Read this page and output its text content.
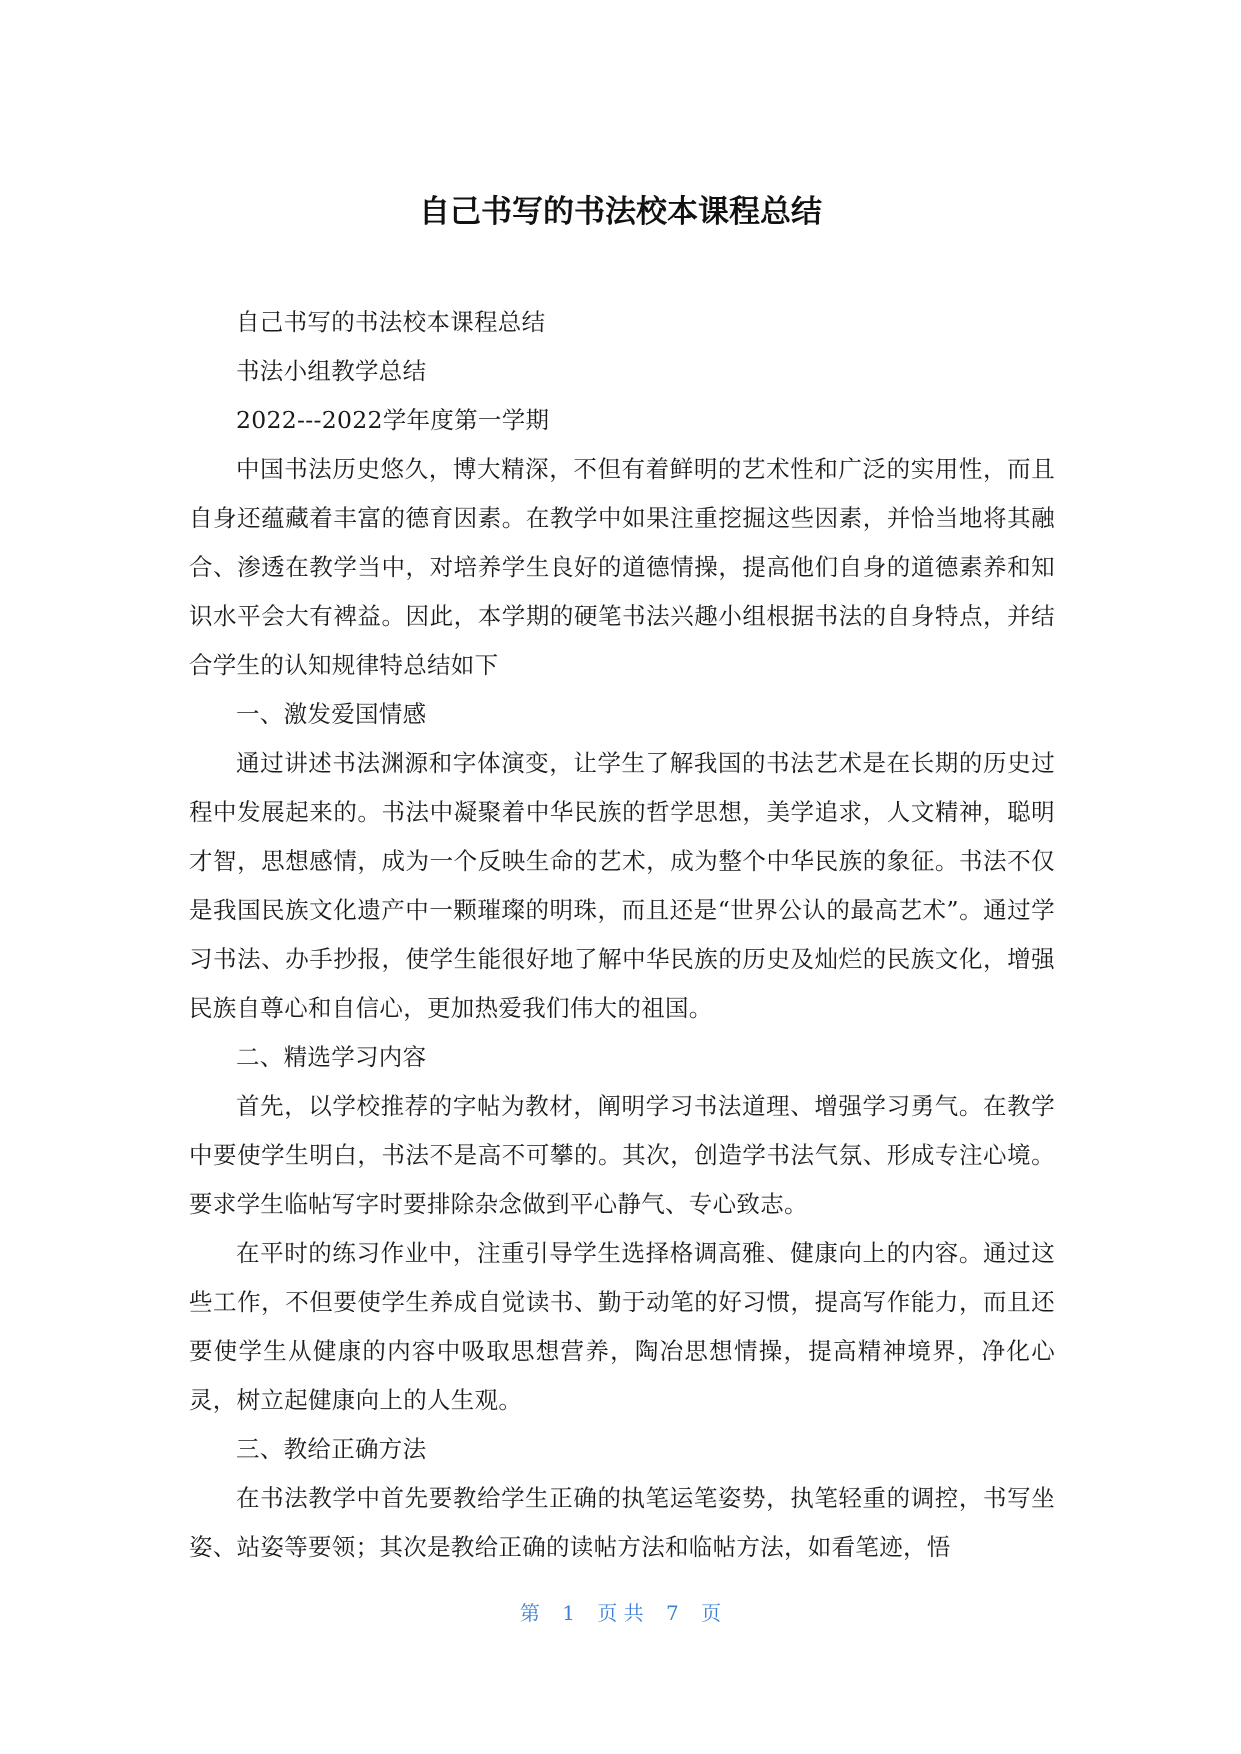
自己书写的书法校本课程总结

自己书写的书法校本课程总结

书法小组教学总结

2022---2022学年度第一学期

中国书法历史悠久，博大精深，不但有着鲜明的艺术性和广泛的实用性，而且自身还蕴藏着丰富的德育因素。在教学中如果注重挖掘这些因素，并恰当地将其融合、渗透在教学当中，对培养学生良好的道德情操，提高他们自身的道德素养和知识水平会大有裨益。因此，本学期的硬笔书法兴趣小组根据书法的自身特点，并结合学生的认知规律特总结如下

一、激发爱国情感

通过讲述书法渊源和字体演变，让学生了解我国的书法艺术是在长期的历史过程中发展起来的。书法中凝聚着中华民族的哲学思想，美学追求，人文精神，聪明才智，思想感情，成为一个反映生命的艺术，成为整个中华民族的象征。书法不仅是我国民族文化遗产中一颗璀璨的明珠，而且还是“世界公认的最高艺术”。通过学习书法、办手抄报，使学生能很好地了解中华民族的历史及灿烂的民族文化，增强民族自尊心和自信心，更加热爱我们伟大的祖国。

二、精选学习内容

首先，以学校推荐的字帖为教材，阐明学习书法道理、增强学习勇气。在教学中要使学生明白，书法不是高不可攀的。其次，创造学书法气氛、形成专注心境。要求学生临帖写字时要排除杂念做到平心静气、专心致志。

在平时的练习作业中，注重引导学生选择格调高雅、健康向上的内容。通过这些工作，不但要使学生养成自觉读书、勤于动笔的好习惯，提高写作能力，而且还要使学生从健康的内容中吸取思想营养，陶冶思想情操，提高精神境界，净化心灵，树立起健康向上的人生观。

三、教给正确方法

在书法教学中首先要教给学生正确的执笔运笔姿势，执笔轻重的调控，书写坐姿、站姿等要领；其次是教给正确的读帖方法和临帖方法，如看笔迹，悟

第 1 页 共 7 页
